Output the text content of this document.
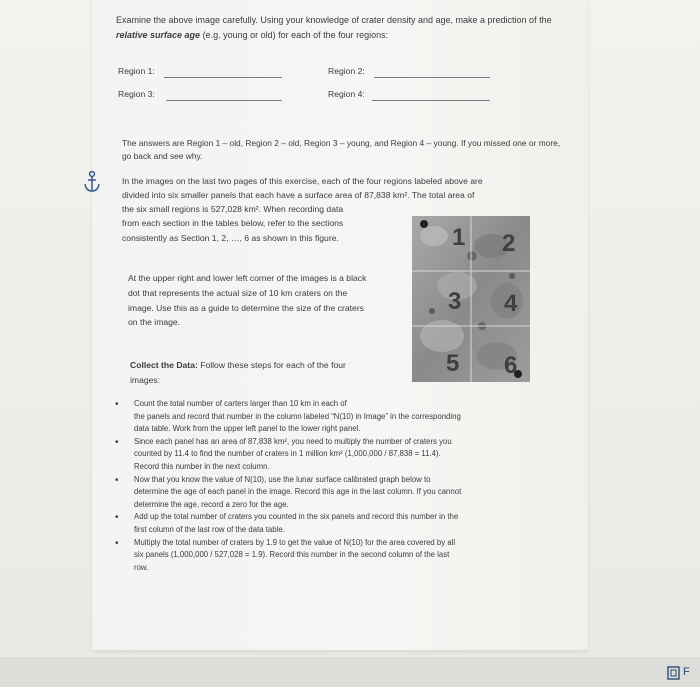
Examine the above image carefully. Using your knowledge of crater density and age, make a prediction of the relative surface age (e.g. young or old) for each of the four regions:
Region 1:	Region 2:
Region 3:	Region 4:
The answers are Region 1 – old, Region 2 – old, Region 3 – young, and Region 4 – young. If you missed one or more, go back and see why.
In the images on the last two pages of this exercise, each of the four regions labeled above are
divided into six smaller panels that each have a surface area of 87,838 km². The total area of
the six small regions is 527,028 km². When recording data
from each section in the tables below, refer to the sections
consistently as Section 1, 2, …, 6 as shown in this figure.
At the upper right and lower left corner of the images is a black
dot that represents the actual size of 10 km craters on the
image. Use this as a guide to determine the size of the craters
on the image.
Collect the Data: Follow these steps for each of the four
images:
1 2
3 4
5 6
• Count the total number of carters larger than 10 km in each of
the panels and record that number in the column labeled “N(10) in Image” in the corresponding
data table. Work from the upper left panel to the lower right panel.
• Since each panel has an area of 87,838 km², you need to multiply the number of craters you
counted by 11.4 to find the number of craters in 1 million km² (1,000,000 / 87,838 = 11.4).
Record this number in the next column.
• Now that you know the value of N(10), use the lunar surface calibrated graph below to
determine the age of each panel in the image. Record this age in the last column. If you cannot
determine the age, record a zero for the age.
• Add up the total number of craters you counted in the six panels and record this number in the
first column of the last row of the data table.
• Multiply the total number of craters by 1.9 to get the value of N(10) for the area covered by all
six panels (1,000,000 / 527,028 = 1.9). Record this number in the second column of the last
row.
F
